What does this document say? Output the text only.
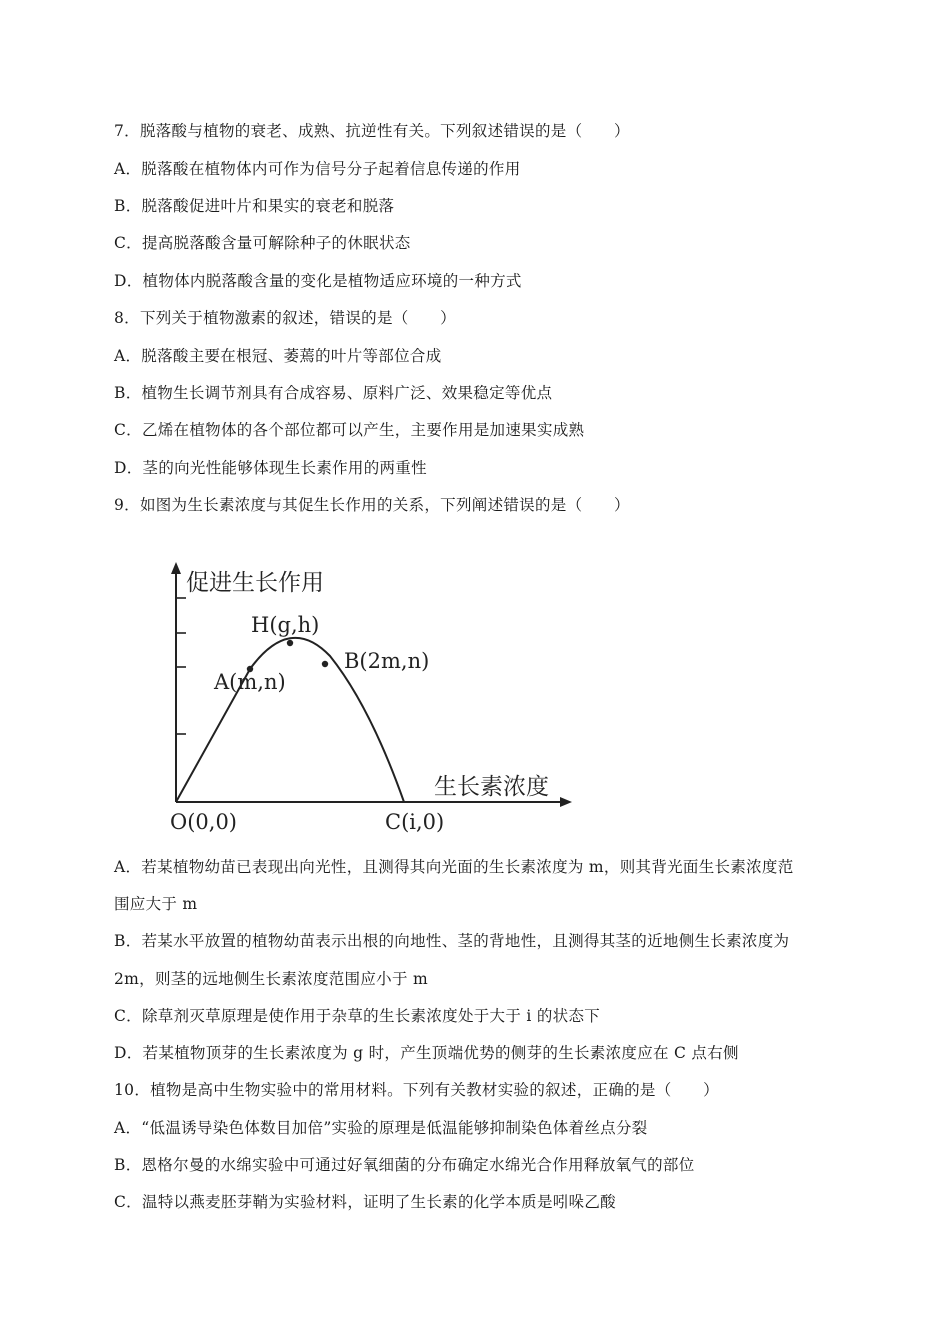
7．脱落酸与植物的衰老、成熟、抗逆性有关。下列叙述错误的是（　　）
A．脱落酸在植物体内可作为信号分子起着信息传递的作用
B．脱落酸促进叶片和果实的衰老和脱落
C．提高脱落酸含量可解除种子的休眠状态
D．植物体内脱落酸含量的变化是植物适应环境的一种方式
8．下列关于植物激素的叙述，错误的是（　　）
A．脱落酸主要在根冠、萎蔫的叶片等部位合成
B．植物生长调节剂具有合成容易、原料广泛、效果稳定等优点
C．乙烯在植物体的各个部位都可以产生，主要作用是加速果实成熟
D．茎的向光性能够体现生长素作用的两重性
9．如图为生长素浓度与其促生长作用的关系，下列阐述错误的是（　　）
促进生长作用
生长素浓度
H(g,h)
A(m,n)
B(2m,n)
O(0,0)	C(i,0)
A．若某植物幼苗已表现出向光性，且测得其向光面的生长素浓度为 m，则其背光面生长素浓度范
围应大于 m
B．若某水平放置的植物幼苗表示出根的向地性、茎的背地性，且测得其茎的近地侧生长素浓度为
2m，则茎的远地侧生长素浓度范围应小于 m
C．除草剂灭草原理是使作用于杂草的生长素浓度处于大于 i 的状态下
D．若某植物顶芽的生长素浓度为 g 时，产生顶端优势的侧芽的生长素浓度应在 C 点右侧
10．植物是高中生物实验中的常用材料。下列有关教材实验的叙述，正确的是（　　）
A．“低温诱导染色体数目加倍”实验的原理是低温能够抑制染色体着丝点分裂
B．恩格尔曼的水绵实验中可通过好氧细菌的分布确定水绵光合作用释放氧气的部位
C．温特以燕麦胚芽鞘为实验材料，证明了生长素的化学本质是吲哚乙酸
